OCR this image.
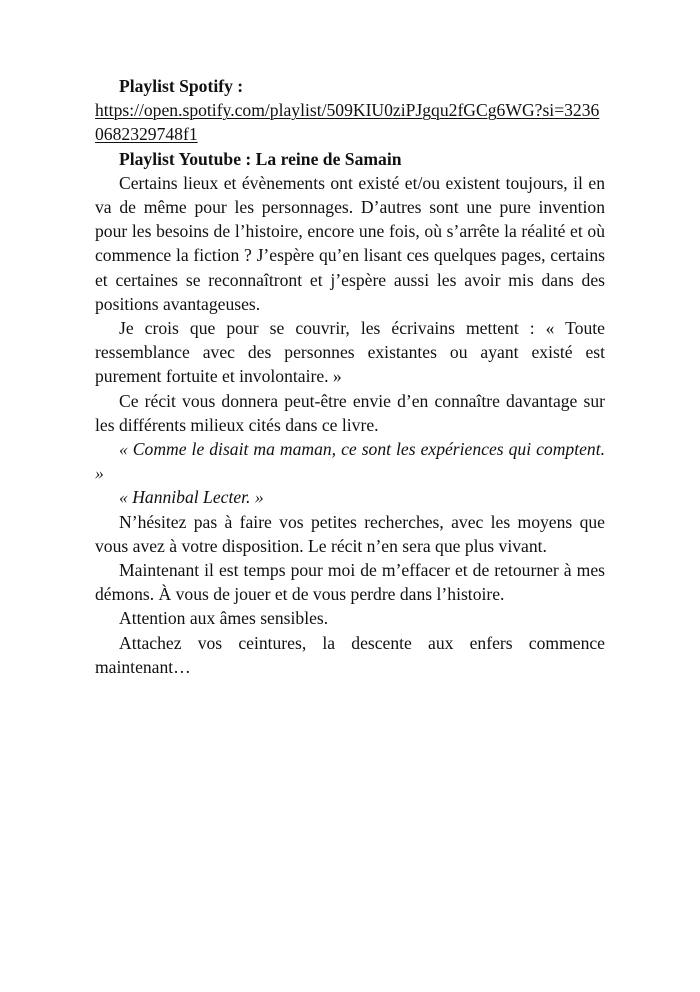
Playlist Spotify :

https://open.spotify.com/playlist/509KIU0ziPJgqu2fGCg6WG?si=32360682329748f1

Playlist Youtube : La reine de Samain

Certains lieux et évènements ont existé et/ou existent toujours, il en va de même pour les personnages. D’autres sont une pure invention pour les besoins de l’histoire, encore une fois, où s’arrête la réalité et où commence la fiction ? J’espère qu’en lisant ces quelques pages, certains et certaines se reconnaîtront et j’espère aussi les avoir mis dans des positions avantageuses.

Je crois que pour se couvrir, les écrivains mettent : « Toute ressemblance avec des personnes existantes ou ayant existé est purement fortuite et involontaire. »

Ce récit vous donnera peut-être envie d’en connaître davantage sur les différents milieux cités dans ce livre.

« Comme le disait ma maman, ce sont les expériences qui comptent. »

« Hannibal Lecter. »

N’hésitez pas à faire vos petites recherches, avec les moyens que vous avez à votre disposition. Le récit n’en sera que plus vivant.

Maintenant il est temps pour moi de m’effacer et de retourner à mes démons. À vous de jouer et de vous perdre dans l’histoire.

Attention aux âmes sensibles.

Attachez vos ceintures, la descente aux enfers commence maintenant…
